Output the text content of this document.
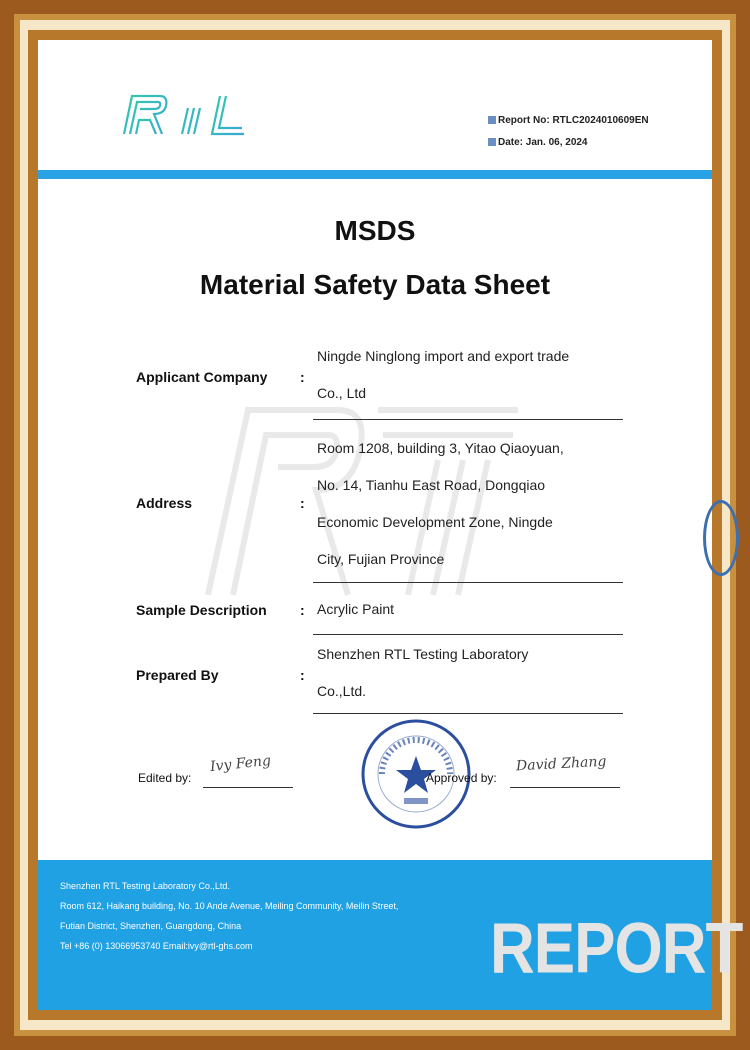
Report No: RTLC2024010609EN
Date: Jan. 06, 2024
MSDS
Material Safety Data Sheet
Applicant Company :
Ningde Ninglong import and export trade
Co., Ltd
Address	:
Room 1208, building 3, Yitao Qiaoyuan,
No. 14, Tianhu East Road, Dongqiao
Economic Development Zone, Ningde
City, Fujian Province
Sample Description : Acrylic Paint
Prepared By	:
Shenzhen RTL Testing Laboratory
Co.,Ltd.
Edited by:
Ivy Feng
Approved by:
David Zhang
Shenzhen RTL Testing Laboratory Co.,Ltd.
Room 612, Haikang building, No. 10 Ande Avenue, Meiling Community, Meilin Street,
Futian District, Shenzhen, Guangdong, China
Tel +86 (0) 13066953740 Email:ivy@rtl-ghs.com	REPORT
